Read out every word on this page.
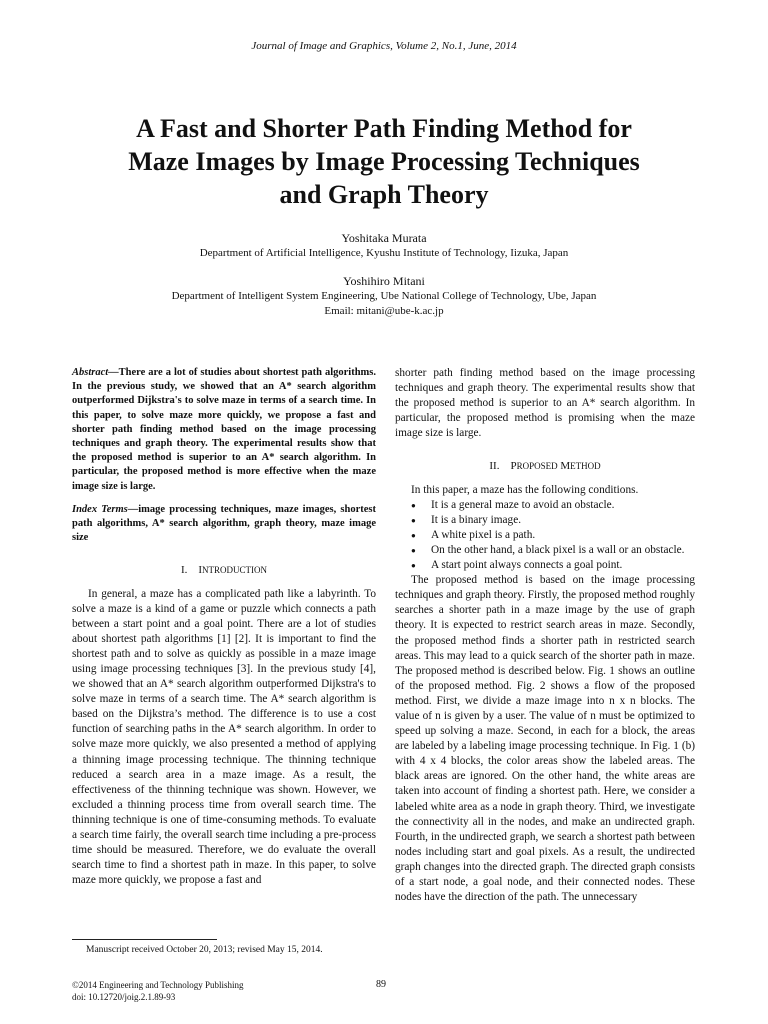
Journal of Image and Graphics, Volume 2, No.1, June, 2014
A Fast and Shorter Path Finding Method for
Maze Images by Image Processing Techniques
and Graph Theory
Yoshitaka Murata
Department of Artificial Intelligence, Kyushu Institute of Technology, Iizuka, Japan
Yoshihiro Mitani
Department of Intelligent System Engineering, Ube National College of Technology, Ube, Japan
Email: mitani@ube-k.ac.jp

Abstract—There are a lot of studies about shortest path algorithms. In the previous study, we showed that an A* search algorithm outperformed Dijkstra's to solve maze in terms of a search time. In this paper, to solve maze more quickly, we propose a fast and shorter path finding method based on the image processing techniques and graph theory. The experimental results show that the proposed method is superior to an A* search algorithm. In particular, the proposed method is more effective when the maze image size is large.

Index Terms—image processing techniques, maze images, shortest path algorithms, A* search algorithm, graph theory, maze image size

I. INTRODUCTION

In general, a maze has a complicated path like a labyrinth. To solve a maze is a kind of a game or puzzle which connects a path between a start point and a goal point. There are a lot of studies about shortest path algorithms [1] [2]. It is important to find the shortest path and to solve as quickly as possible in a maze image using image processing techniques [3]. In the previous study [4], we showed that an A* search algorithm outperformed Dijkstra's to solve maze in terms of a search time. The A* search algorithm is based on the Dijkstra’s method. The difference is to use a cost function of searching paths in the A* search algorithm. In order to solve maze more quickly, we also presented a method of applying a thinning image processing technique. The thinning technique reduced a search area in a maze image. As a result, the effectiveness of the thinning technique was shown. However, we excluded a thinning process time from overall search time. The thinning technique is one of time-consuming methods. To evaluate a search time fairly, the overall search time including a pre-process time should be measured. Therefore, we do evaluate the overall search time to find a shortest path in maze. In this paper, to solve maze more quickly, we propose a fast and

shorter path finding method based on the image processing techniques and graph theory. The experimental results show that the proposed method is superior to an A* search algorithm. In particular, the proposed method is promising when the maze image size is large.

II. PROPOSED METHOD

In this paper, a maze has the following conditions.

● It is a general maze to avoid an obstacle.
● It is a binary image.
● A white pixel is a path.
● On the other hand, a black pixel is a wall or an obstacle.
● A start point always connects a goal point.

The proposed method is based on the image processing techniques and graph theory. Firstly, the proposed method roughly searches a shorter path in a maze image by the use of graph theory. It is expected to restrict search areas in maze. Secondly, the proposed method finds a shorter path in restricted search areas. This may lead to a quick search of the shorter path in maze. The proposed method is described below. Fig. 1 shows an outline of the proposed method. Fig. 2 shows a flow of the proposed method. First, we divide a maze image into n x n blocks. The value of n is given by a user. The value of n must be optimized to speed up solving a maze. Second, in each for a block, the areas are labeled by a labeling image processing technique. In Fig. 1 (b) with 4 x 4 blocks, the color areas show the labeled areas. The black areas are ignored. On the other hand, the white areas are taken into account of finding a shortest path. Here, we consider a labeled white area as a node in graph theory. Third, we investigate the connectivity all in the nodes, and make an undirected graph. Fourth, in the undirected graph, we search a shortest path between nodes including start and goal pixels. As a result, the undirected graph changes into the directed graph. The directed graph consists of a start node, a goal node, and their connected nodes. These nodes have the direction of the path. The unnecessary

Manuscript received October 20, 2013; revised May 15, 2014.
©2014 Engineering and Technology Publishing
doi: 10.12720/joig.2.1.89-93
89
